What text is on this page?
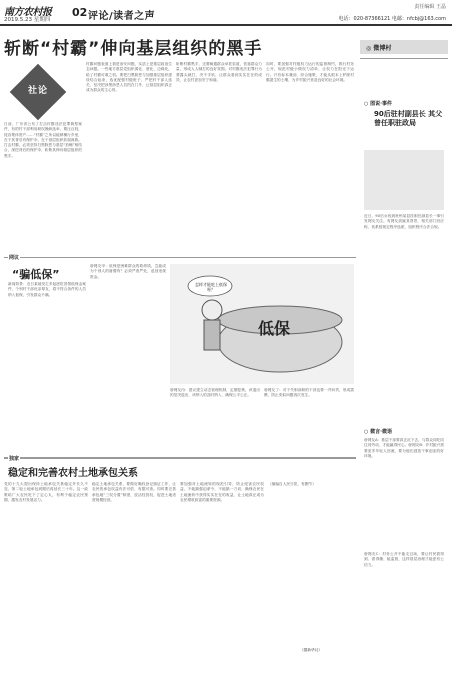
南方农村报
2019.5.23 星期四
02 评论/读者之声
责任编辑 王晶
电话：020-87366121 电邮：nfcbj@163.com
斩断“村霸”伸向基层组织的黑手
社论
日前，广东省公布了打击村霸违法犯罪典型案件，有的村干部利用职权操纵选举，欺压百姓，侵吞集体资产……“村霸”之所以能够横行乡里，在于其背后有保护伞，在于基层组织软弱涣散。打击村霸，必须坚持扫黑除恶与基层“拍蝇”相结合，深挖背后的保护伞，斩断其伸向基层组织的黑手。
村霸问题表面上看是治安问题，实质上是基层政治生态问题。一些地方基层党组织弱化、虚化、边缘化，给了村霸可乘之机。要把扫黑除恶与加强基层组织建设结合起来，选优配强村级班子，严把村干部人选关，坚决把涉黑涉恶人员挡在门外，让基层组织真正成为群众的主心骨。
斩断村霸黑手，还要畅通群众举报渠道，依靠群众力量，形成人人喊打的良好氛围。对村霸违法犯罪行为要露头就打，决不手软，让群众看到实实在在的成效，让农村更加安宁和谐。
同时，要加强对村级权力运行的监督制约，推行村务公开，规范村级小微权力清单，让权力在阳光下运行。只有标本兼治、综合施策，才能从根本上铲除村霸滋生的土壤，为乡村振兴营造良好的社会环境。
网议
“骗低保”
新闻背景：近日某地发生多起虚报冒领低保金案件，个别村干部优亲厚友，将不符合条件的人员纳入低保，引发群众不满。
@网友甲：低保是困难群众的救命钱，岂能成为个别人的唐僧肉？必须严查严处，追回违规资金。
怎样才能吃上低保呀？
低保
@网友丙：建议建立动态管理机制，定期复核，该退出的坚决退出，该纳入的及时纳入，确保公平公正。
@网友丁：对于失职渎职的干部也要一并问责，形成震慑，防止类似问题再次发生。
独家
稳定和完善农村土地承包关系
党的十九大提出保持土地承包关系稳定并长久不变，第二轮土地承包到期后再延长三十年。这一政策给广大农民吃下了定心丸，有利于稳定农民预期，激发农村发展活力。
稳定土地承包关系，要做好确权登记颁证工作，让农民的承包权益有法可依、有据可查。同时要完善承包地“三权分置”制度，放活经营权，促进土地适度规模经营。
要加强对土地流转的规范引导，防止侵害农民权益，不能搞强迫命令，不能搞一刀切，确保农民在土地流转中获得实实在在的收益，让土地真正成为农民增收致富的重要资源。
（摘编自人民日报，有删节）
（据新华社）
◎ 微博村
○ 图说·事件
90后驻村副县长 其父曾任职驻政局
近日，90后女孩到贵州某县挂职任副县长一事引发网友关注。有网友质疑其背景，相关部门回应称，其系按规定程序选派，组织程序合法合规。
○ 微言·微语
@网友A：基层干部要真正沉下去，与群众同吃同住同劳动，才能赢得民心。@网友B：乡村振兴需要更多年轻人回流，要为他们创造干事创业的好环境。
@网友C：村务公开不能走过场，要让村民看得到、看得懂、能监督，这样基层治理才能更有公信力。
